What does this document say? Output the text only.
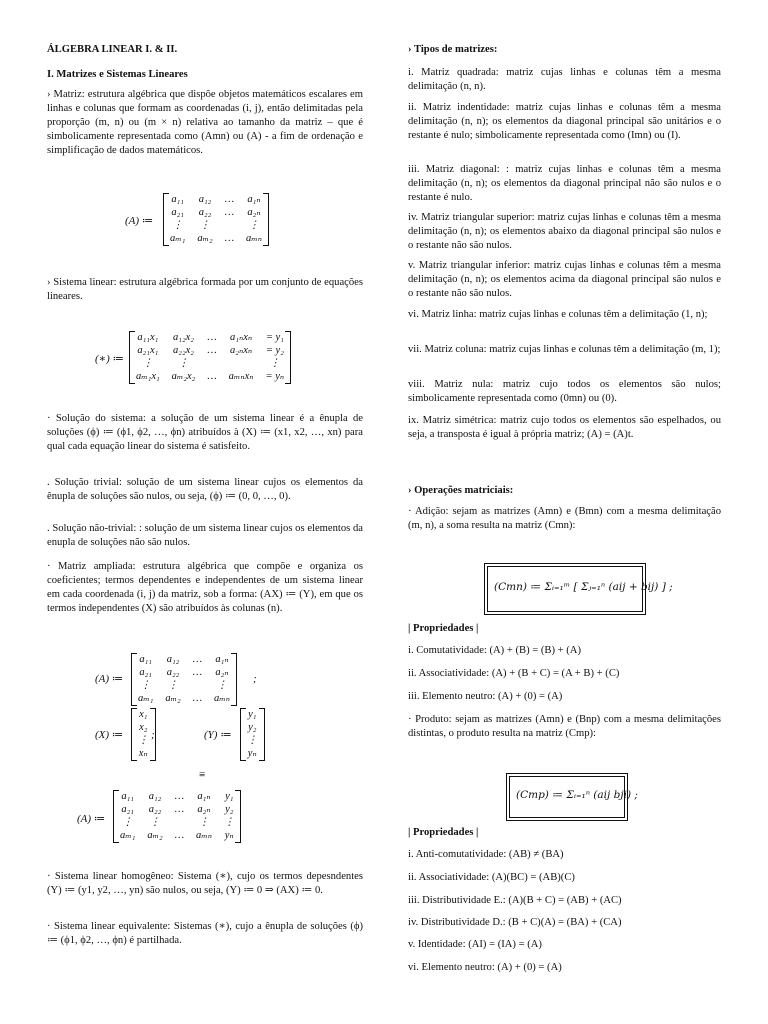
ÁLGEBRA LINEAR I. & II.
I. Matrizes e Sistemas Lineares
› Matriz: estrutura algébrica que dispõe objetos matemáticos escalares em linhas e colunas que formam as coordenadas (i, j), então delimitadas pela proporção (m, n) ou (m × n) relativa ao tamanho da matriz – que é simbolicamente representada como (Amn) ou (A) - a fim de ordenação e simplificação de dados matemáticos.
(A) ≔
a₁₁	a₁₂	…	a₁ₙ
a₂₁	a₂₂	…	a₂ₙ
⋮	⋮		⋮
aₘ₁	aₘ₂	…	aₘₙ
› Sistema linear: estrutura algébrica formada por um conjunto de equações lineares.
(∗) ≔
a₁₁x₁	a₁₂x₂	…	a₁ₙxₙ	= y₁
a₂₁x₁	a₂₂x₂	…	a₂ₙxₙ	= y₂
⋮	⋮			⋮
aₘ₁x₁	aₘ₂x₂	…	aₘₙxₙ	= yₙ
· Solução do sistema: a solução de um sistema linear é a ênupla de soluções (ϕ) ≔ (ϕ1, ϕ2, …, ϕn) atribuídos à (X) ≔ (x1, x2, …, xn) para qual cada equação linear do sistema é satisfeito.
. Solução trivial: solução de um sistema linear cujos os elementos da ênupla de soluções são nulos, ou seja, (ϕ) ≔ (0, 0, …, 0).
. Solução não-trivial: : solução de um sistema linear cujos os elementos da enupla de soluções não são nulos.
· Matriz ampliada: estrutura algébrica que compõe e organiza os coeficientes; termos dependentes e independentes de um sistema linear em cada coordenada (i, j) da matriz, sob a forma: (AX) ≔ (Y), em que os termos independentes (X) são atribuídos às colunas (n).
(A) ≔
a₁₁	a₁₂	…	a₁ₙ
a₂₁	a₂₂	…	a₂ₙ
⋮	⋮		⋮
aₘ₁	aₘ₂	…	aₘₙ
;
(X) ≔
x₁
x₂
⋮
xₙ
;	(Y) ≔
y₁
y₂
⋮
yₙ
≡
(A) ≔
a₁₁	a₁₂	…	a₁ₙ	y₁
a₂₁	a₂₂	…	a₂ₙ	y₂
⋮	⋮		⋮	⋮
aₘ₁	aₘ₂	…	aₘₙ	yₙ
· Sistema linear homogêneo: Sistema (∗), cujo os termos depesndentes (Y) ≔ (y1, y2, …, yn) são nulos, ou seja, (Y) ≔ 0 ⇒ (AX) ≔ 0.
· Sistema linear equivalente: Sistemas (∗), cujo a ênupla de soluções (ϕ) ≔ (ϕ1, ϕ2, …, ϕn) é partilhada.
› Tipos de matrizes:
i. Matriz quadrada: matriz cujas linhas e colunas têm a mesma delimitação (n, n).
ii. Matriz indentidade: matriz cujas linhas e colunas têm a mesma delimitação (n, n); os elementos da diagonal principal são unitários e o restante é nulo; simbolicamente representada como (Imn) ou (I).
iii. Matriz diagonal: : matriz cujas linhas e colunas têm a mesma delimitação (n, n); os elementos da diagonal principal não são nulos e o restante é nulo.
iv. Matriz triangular superior: matriz cujas linhas e colunas têm a mesma delimitação (n, n); os elementos abaixo da diagonal principal são nulos e o restante não são nulos.
v. Matriz triangular inferior: matriz cujas linhas e colunas têm a mesma delimitação (n, n); os elementos acima da diagonal principal são nulos e o restante não são nulos.
vi. Matriz linha: matriz cujas linhas e colunas têm a delimitação (1, n);
vii. Matriz coluna: matriz cujas linhas e colunas têm a delimitação (m, 1);
viii. Matriz nula: matriz cujo todos os elementos são nulos; simbolicamente representada como (0mn) ou (0).
ix. Matriz simétrica: matriz cujo todos os elementos são espelhados, ou seja, a transposta é igual à própria matriz; (A) = (A)t.
› Operações matriciais:
· Adição: sejam as matrizes (Amn) e (Bmn) com a mesma delimitação (m, n), a soma resulta na matriz (Cmn):
(Cmn) ≔ Σᵢ₌₁ᵐ [ Σⱼ₌₁ⁿ (aij + bij) ] ;
| Propriedades |
i. Comutatividade: (A) + (B) = (B) + (A)
ii. Associatividade: (A) + (B + C) = (A + B) + (C)
iii. Elemento neutro: (A) + (0) = (A)
· Produto: sejam as matrizes (Amn) e (Bnp) com a mesma delimitações distintas, o produto resulta na matriz (Cmp):
(Cmp) ≔ Σᵢ₌₁ⁿ (aij bji) ;
| Propriedades |
i. Anti-comutatividade: (AB) ≠ (BA)
ii. Associatividade: (A)(BC) = (AB)(C)
iii. Distributividade E.: (A)(B + C) = (AB) + (AC)
iv. Distributividade D.: (B + C)(A) = (BA) + (CA)
v. Identidade: (AI) = (IA) = (A)
vi. Elemento neutro: (A) + (0) = (A)
